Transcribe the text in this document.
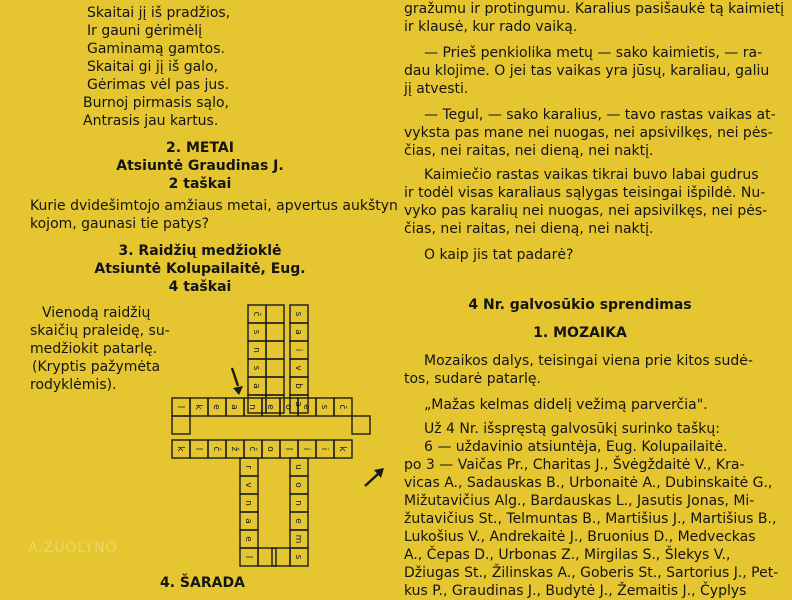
Skaitai jį iš pradžios,
Ir gauni gėrimėlį
Gaminamą gamtos.
Skaitai gi jį iš galo,
Gėrimas vėl pas jus.
Burnoj pirmasis sąlo,
Antrasis jau kartus.
2. METAI
Atsiuntė Graudinas J.
2 taškai
Kurie dvidešimtojo amžiaus metai, apvertus aukštyn
kojom, gaunasi tie patys?
3. Raidžių medžioklė
Atsiuntė Kolupailaitė, Eug.
4 taškai
Vienodą raidžių
skaičių praleidę, su-
medžiokit patarlę.
(Kryptis pažymėta
rodyklėmis).
4. ŠARADA
A.ZUOLYNO
gražumu ir protingumu. Karalius pasišaukė tą kaimietį
ir klausė, kur rado vaiką.
— Prieš penkiolika metų — sako kaimietis, — ra-
dau klojime. O jei tas vaikas yra jūsų, karaliau, galiu
jį atvesti.
— Tegul, — sako karalius, — tavo rastas vaikas at-
vyksta pas mane nei nuogas, nei apsivilkęs, nei pės-
čias, nei raitas, nei dieną, nei naktį.
Kaimiečio rastas vaikas tikrai buvo labai gudrus
ir todėl visas karaliaus sąlygas teisingai išpildė. Nu-
vyko pas karalių nei nuogas, nei apsivilkęs, nei pės-
čias, nei raitas, nei dieną, nei naktį.
O kaip jis tat padarė?
4 Nr. galvosūkio sprendimas
1. MOZAIKA
Mozaikos dalys, teisingai viena prie kitos sudė-
tos, sudarė patarlę.
„Mažas kelmas didelį vežimą parverčia".
Už 4 Nr. išspręstą galvosūkį surinko taškų:
6 — uždavinio atsiuntėja, Eug. Kolupailaitė.
po 3 — Vaičas Pr., Charitas J., Švėgždaitė V., Kra-
vicas A., Sadauskas B., Urbonaitė A., Dubinskaitė G.,
Mižutavičius Alg., Bardauskas L., Jasutis Jonas, Mi-
žutavičius St., Telmuntas B., Martišius J., Martišius B.,
Lukošius V., Andrekaitė J., Bruonius D., Medveckas
A., Čepas D., Urbonas Z., Mirgilas S., Šlekys V.,
Džiugas St., Žilinskas A., Goberis St., Sartorius J., Pet-
kus P., Graudinas J., Budytė J., Žemaitis J., Čyplys
č	s
s	a
n	i
s	v
a	b
a
l
k
k
l
e
č
a
ž
n
č
e
o
o
l
e
i
s
i
č
k
r	u
v	o
n	n
a	e
e	m
l	s
